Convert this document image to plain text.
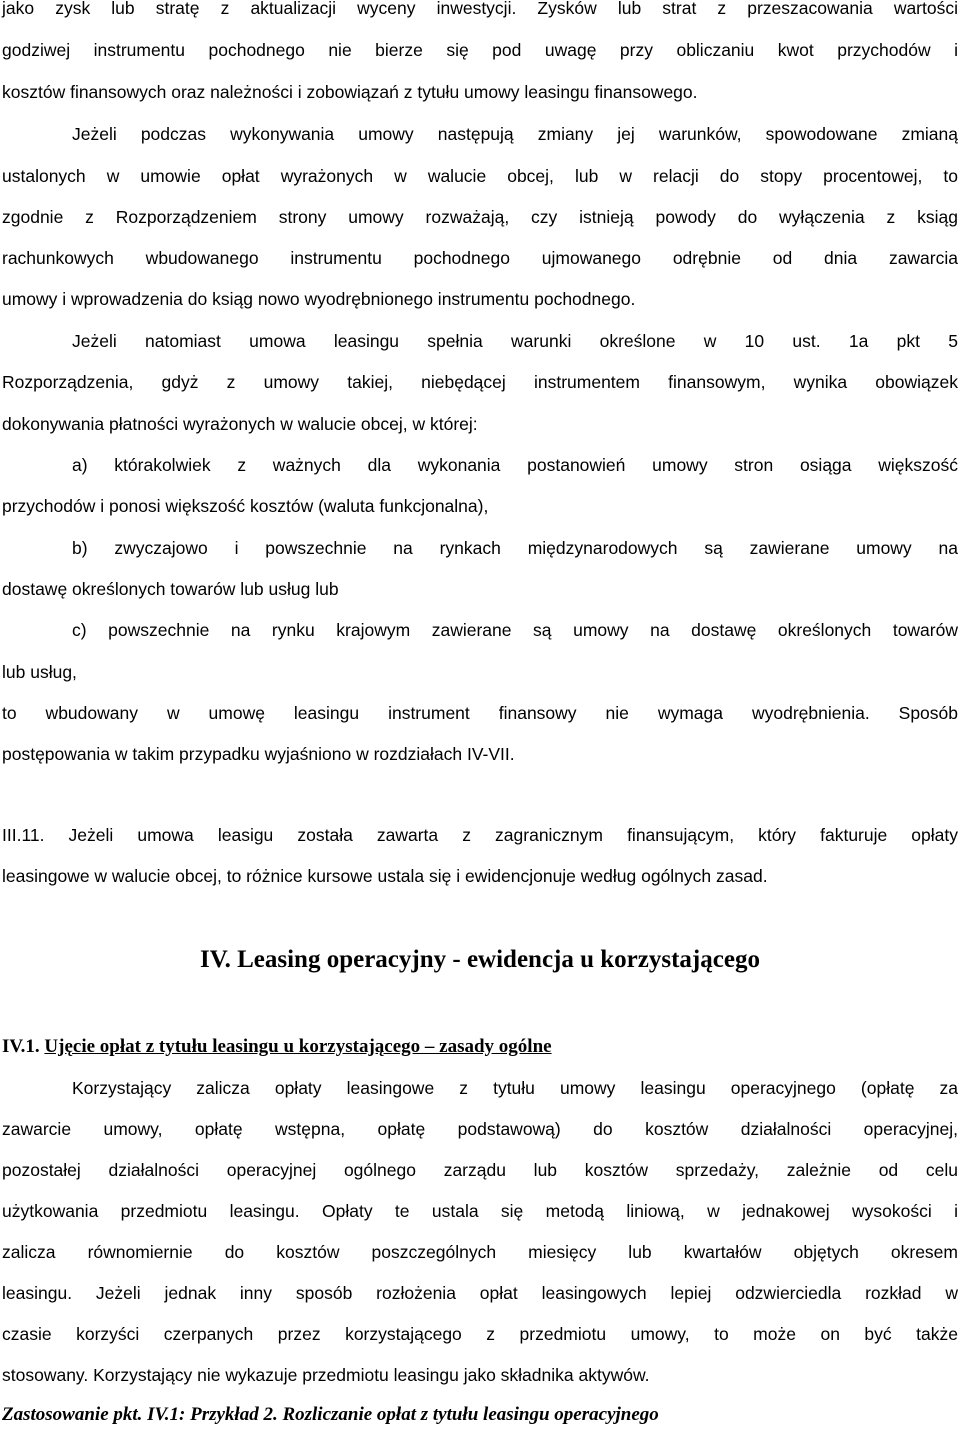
jako zysk lub stratę z aktualizacji wyceny inwestycji. Zysków lub strat z przeszacowania wartości

godziwej instrumentu pochodnego nie bierze się pod uwagę przy obliczaniu kwot przychodów i

kosztów finansowych oraz należności i zobowiązań z tytułu umowy leasingu finansowego.

Jeżeli podczas wykonywania umowy następują zmiany jej warunków, spowodowane zmianą

ustalonych w umowie opłat wyrażonych w walucie obcej, lub w relacji do stopy procentowej, to

zgodnie z Rozporządzeniem strony umowy rozważają, czy istnieją powody do wyłączenia z ksiąg

rachunkowych wbudowanego instrumentu pochodnego ujmowanego odrębnie od dnia zawarcia

umowy i wprowadzenia do ksiąg nowo wyodrębnionego instrumentu pochodnego.

Jeżeli natomiast umowa leasingu spełnia warunki określone w 10 ust. 1a pkt 5

Rozporządzenia, gdyż z umowy takiej, niebędącej instrumentem finansowym, wynika obowiązek

dokonywania płatności wyrażonych w walucie obcej, w której:

a) którakolwiek z ważnych dla wykonania postanowień umowy stron osiąga większość

przychodów i ponosi większość kosztów (waluta funkcjonalna),

b) zwyczajowo i powszechnie na rynkach międzynarodowych są zawierane umowy na

dostawę określonych towarów lub usług lub

c) powszechnie na rynku krajowym zawierane są umowy na dostawę określonych towarów

lub usług,

to wbudowany w umowę leasingu instrument finansowy nie wymaga wyodrębnienia. Sposób

postępowania w takim przypadku wyjaśniono w rozdziałach IV-VII.

III.11. Jeżeli umowa leasigu została zawarta z zagranicznym finansującym, który fakturuje opłaty

leasingowe w walucie obcej, to różnice kursowe ustala się i ewidencjonuje według ogólnych zasad.

IV. Leasing operacyjny - ewidencja u korzystającego
IV.1. Ujęcie opłat z tytułu leasingu u korzystającego – zasady ogólne

Korzystający zalicza opłaty leasingowe z tytułu umowy leasingu operacyjnego (opłatę za

zawarcie umowy, opłatę wstępna, opłatę podstawową) do kosztów działalności operacyjnej,

pozostałej działalności operacyjnej ogólnego zarządu lub kosztów sprzedaży, zależnie od celu

użytkowania przedmiotu leasingu. Opłaty te ustala się metodą liniową, w jednakowej wysokości i

zalicza równomiernie do kosztów poszczególnych miesięcy lub kwartałów objętych okresem

leasingu. Jeżeli jednak inny sposób rozłożenia opłat leasingowych lepiej odzwierciedla rozkład w

czasie korzyści czerpanych przez korzystającego z przedmiotu umowy, to może on być także

stosowany. Korzystający nie wykazuje przedmiotu leasingu jako składnika aktywów.

Zastosowanie pkt. IV.1: Przykład 2. Rozliczanie opłat z tytułu leasingu operacyjnego
